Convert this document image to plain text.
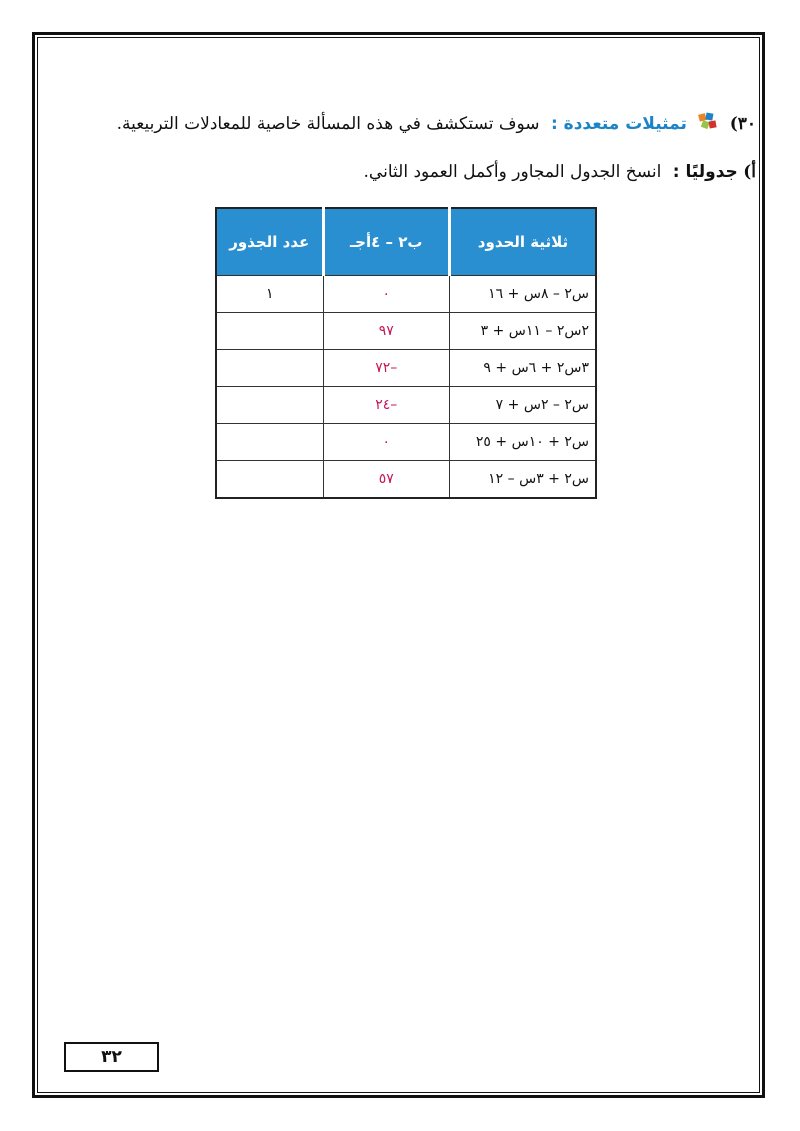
٣٠)  تمثيلات متعددة : سوف تستكشف في هذه المسألة خاصية للمعادلات التربيعية.
أ) جدوليًا : انسخ الجدول المجاور وأكمل العمود الثاني.
ثلاثية الحدود	ب٢ – ٤أجـ	عدد الجذور
س٢ – ٨س + ١٦	٠	١
٢س٢ – ١١س + ٣	٩٧	
٣س٢ + ٦س + ٩	–٧٢	
س٢ – ٢س + ٧	–٢٤	
س٢ + ١٠س + ٢٥	٠	
س٢ + ٣س – ١٢	٥٧	
٣٢
